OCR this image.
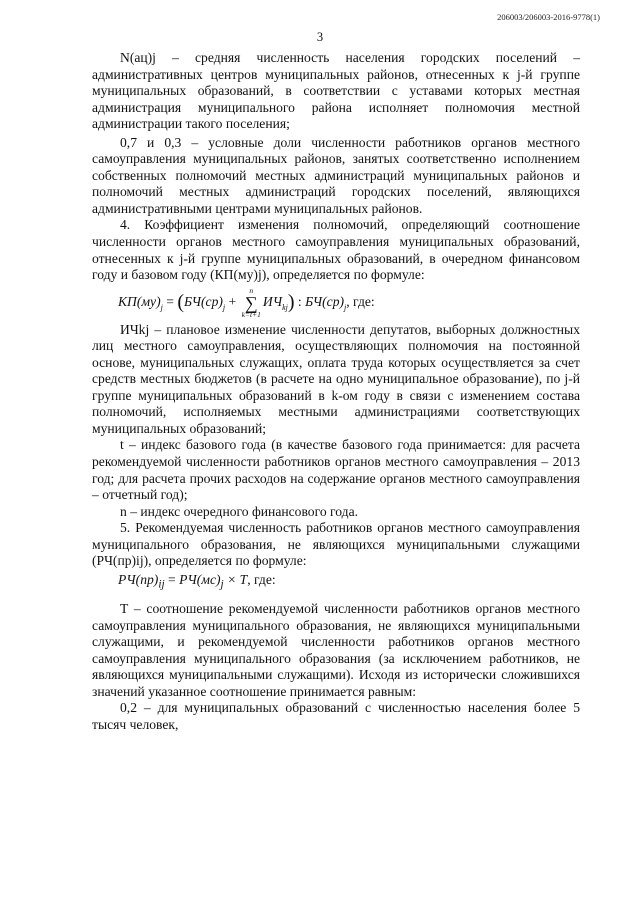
206003/206003-2016-9778(1)
3

N(ац)ј – средняя численность населения городских поселений – административных центров муниципальных районов, отнесенных к j-й группе муниципальных образований, в соответствии с уставами которых местная администрация муниципального района исполняет полномочия местной администрации такого поселения;

0,7 и 0,3 – условные доли численности работников органов местного самоуправления муниципальных районов, занятых соответственно исполнением собственных полномочий местных администраций муниципальных районов и полномочий местных администраций городских поселений, являющихся административными центрами муниципальных районов.

4. Коэффициент изменения полномочий, определяющий соотношение численности органов местного самоуправления муниципальных образований, отнесенных к j-й группе муниципальных образований, в очередном финансовом году и базовом году (КП(му)ј), определяется по формуле:

$КП(му)_j = (БЧ(ср)_j$ +
n
∑
k=t+1
$ИЧ_{kj}$) : $БЧ(ср)_j$, где:

ИЧkj – плановое изменение численности депутатов, выборных должностных лиц местного самоуправления, осуществляющих полномочия на постоянной основе, муниципальных служащих, оплата труда которых осуществляется за счет средств местных бюджетов (в расчете на одно муниципальное образование), по j-й группе муниципальных образований в k-ом году в связи с изменением состава полномочий, исполняемых местными администрациями соответствующих муниципальных образований;

t – индекс базового года (в качестве базового года принимается: для расчета рекомендуемой численности работников органов местного самоуправления – 2013 год; для расчета прочих расходов на содержание органов местного самоуправления – отчетный год);

n – индекс очередного финансового года.

5. Рекомендуемая численность работников органов местного самоуправления муниципального образования, не являющихся муниципальными служащими (РЧ(пр)ij), определяется по формуле:

$РЧ(пр)_{ij} = РЧ(мс)_j \times T$, где:

T – соотношение рекомендуемой численности работников органов местного самоуправления муниципального образования, не являющихся муниципальными служащими, и рекомендуемой численности работников органов местного самоуправления муниципального образования (за исключением работников, не являющихся муниципальными служащими). Исходя из исторически сложившихся значений указанное соотношение принимается равным:

0,2 – для муниципальных образований с численностью населения более 5 тысяч человек,
